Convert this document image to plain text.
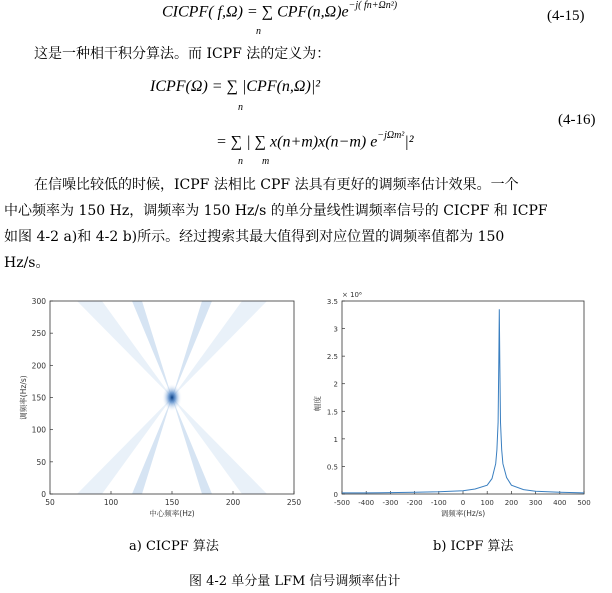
CICPF( f,Ω) = ∑ $CPF(n,\Omega)e^{-j( fn+\Omega n^2)}$
n
(4-15)
这是一种相干积分算法。而 ICPF 法的定义为：
ICPF(Ω) = ∑ |CPF(n,Ω)|²
n
= ∑ | ∑ x(n+m)x(n−m) $e^{-j\Omega m^2}|^2$
n m
(4-16)
在信噪比较低的时候，ICPF 法相比 CPF 法具有更好的调频率估计效果。一个
中心频率为 150 Hz，调频率为 150 Hz/s 的单分量线性调频率信号的 CICPF 和 ICPF
如图 4-2 a)和 4-2 b)所示。经过搜索其最大值得到对应位置的调频率值都为 150
Hz/s。
50	100	150	200	250
0
50
100
150
200
250
300
中心频率(Hz)
调频率(Hz/s)
-500 -400 -300 -200 -100 0 100 200 300 400 500
0
0.5
1
1.5
2
2.5
3
3.5
× 10⁶
调频率(Hz/s)
幅度
a) CICPF 算法	b) ICPF 算法
图 4-2 单分量 LFM 信号调频率估计
